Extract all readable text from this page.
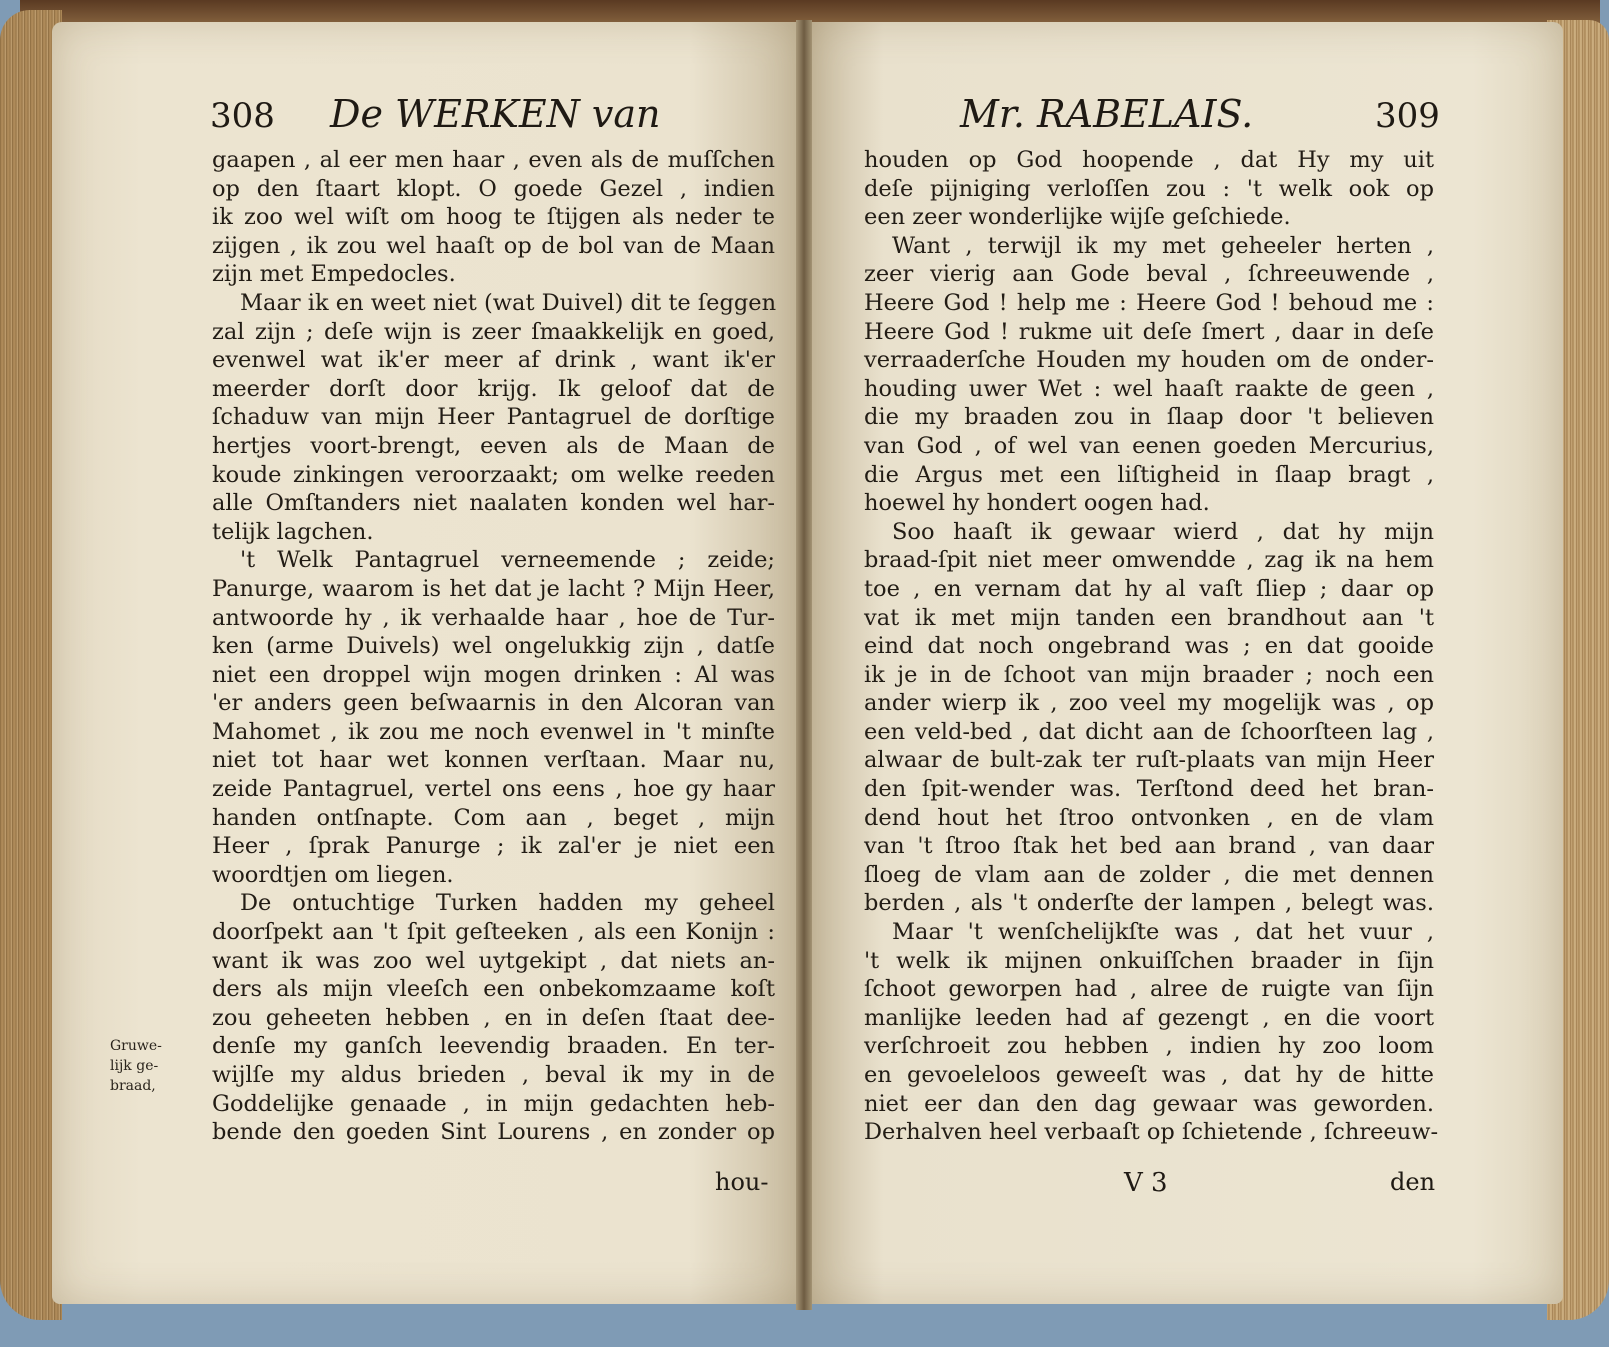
308 De WERKEN van	Mr. RABELAIS.	309
gaapen , al eer men haar , even als de muſſchen
op den ſtaart klopt. O goede Gezel , indien
ik zoo wel wiſt om hoog te ſtijgen als neder te
zijgen , ik zou wel haaſt op de bol van de Maan
zijn met Empedocles.
Maar ik en weet niet (wat Duivel) dit te ſeggen
zal zijn ; deſe wijn is zeer ſmaakkelijk en goed,
evenwel wat ik'er meer af drink , want ik'er
meerder dorſt door krijg. Ik geloof dat de
ſchaduw van mijn Heer Pantagruel de dorſtige
hertjes voort-brengt, eeven als de Maan de
koude zinkingen veroorzaakt; om welke reeden
alle Omſtanders niet naalaten konden wel har-
telijk lagchen.
't Welk Pantagruel verneemende ; zeide;
Panurge, waarom is het dat je lacht ? Mijn Heer,
antwoorde hy , ik verhaalde haar , hoe de Tur-
ken (arme Duivels) wel ongelukkig zijn , datſe
niet een droppel wijn mogen drinken : Al was
'er anders geen beſwaarnis in den Alcoran van
Mahomet , ik zou me noch evenwel in 't minſte
niet tot haar wet konnen verſtaan. Maar nu,
zeide Pantagruel, vertel ons eens , hoe gy haar
handen ontſnapte. Com aan , beget , mijn
Heer , ſprak Panurge ; ik zal'er je niet een
woordtjen om liegen.
De ontuchtige Turken hadden my geheel
doorſpekt aan 't ſpit geſteeken , als een Konijn :
want ik was zoo wel uytgekipt , dat niets an-
ders als mijn vleeſch een onbekomzaame koſt
zou geheeten hebben , en in deſen ſtaat dee-
denſe my ganſch leevendig braaden. En ter-
wijlſe my aldus brieden , beval ik my in de
Goddelijke genaade , in mijn gedachten heb-
bende den goeden Sint Lourens , en zonder op
Gruwe-
lijk ge-
braad,
hou-
houden op God hoopende , dat Hy my uit
deſe pijniging verloſſen zou : 't welk ook op
een zeer wonderlijke wijſe geſchiede.
Want , terwijl ik my met geheeler herten ,
zeer vierig aan Gode beval , ſchreeuwende ,
Heere God ! help me : Heere God ! behoud me :
Heere God ! rukme uit deſe ſmert , daar in deſe
verraaderſche Houden my houden om de onder-
houding uwer Wet : wel haaſt raakte de geen ,
die my braaden zou in ſlaap door 't believen
van God , of wel van eenen goeden Mercurius,
die Argus met een liſtigheid in ſlaap bragt ,
hoewel hy hondert oogen had.
Soo haaſt ik gewaar wierd , dat hy mijn
braad-ſpit niet meer omwendde , zag ik na hem
toe , en vernam dat hy al vaſt ſliep ; daar op
vat ik met mijn tanden een brandhout aan 't
eind dat noch ongebrand was ; en dat gooide
ik je in de ſchoot van mijn braader ; noch een
ander wierp ik , zoo veel my mogelijk was , op
een veld-bed , dat dicht aan de ſchoorſteen lag ,
alwaar de bult-zak ter ruſt-plaats van mijn Heer
den ſpit-wender was. Terſtond deed het bran-
dend hout het ſtroo ontvonken , en de vlam
van 't ſtroo ſtak het bed aan brand , van daar
ſloeg de vlam aan de zolder , die met dennen
berden , als 't onderſte der lampen , belegt was.
Maar 't wenſchelijkſte was , dat het vuur ,
't welk ik mijnen onkuiſſchen braader in ſijn
ſchoot geworpen had , alree de ruigte van ſijn
manlijke leeden had af gezengt , en die voort
verſchroeit zou hebben , indien hy zoo loom
en gevoeleloos geweeſt was , dat hy de hitte
niet eer dan den dag gewaar was geworden.
Derhalven heel verbaaſt op ſchietende , ſchreeuw-
V 3	den
